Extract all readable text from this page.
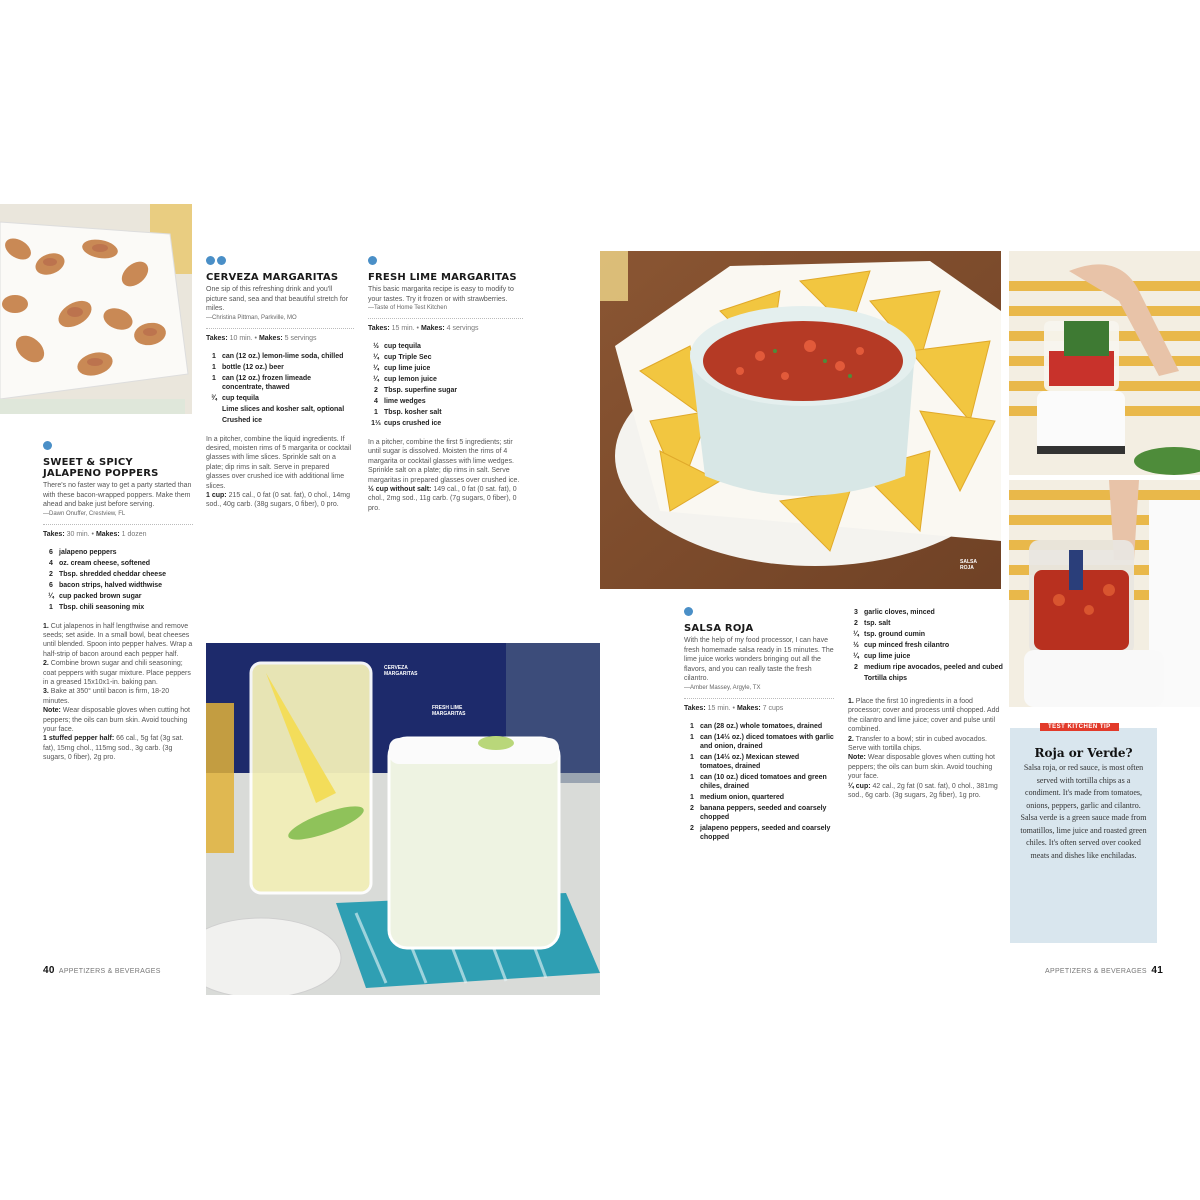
SWEET & SPICY JALAPENO POPPERS
There's no faster way to get a party started than with these bacon-wrapped poppers. Make them ahead and bake just before serving.
—Dawn Onuffer, Crestview, FL
Takes: 30 min. • Makes: 1 dozen
6 jalapeno peppers
4 oz. cream cheese, softened
2 Tbsp. shredded cheddar cheese
6 bacon strips, halved widthwise
¼ cup packed brown sugar
1 Tbsp. chili seasoning mix

1. Cut jalapenos in half lengthwise and remove seeds; set aside. In a small bowl, beat cheeses until blended. Spoon into pepper halves. Wrap a half-strip of bacon around each pepper half.

2. Combine brown sugar and chili seasoning; coat peppers with sugar mixture. Place peppers in a greased 15x10x1-in. baking pan.

3. Bake at 350° until bacon is firm, 18-20 minutes.

Note: Wear disposable gloves when cutting hot peppers; the oils can burn skin. Avoid touching your face.

1 stuffed pepper half: 66 cal., 5g fat (3g sat. fat), 15mg chol., 115mg sod., 3g carb. (3g sugars, 0 fiber), 2g pro.

CERVEZA MARGARITAS
One sip of this refreshing drink and you'll picture sand, sea and that beautiful stretch for miles.
—Christina Pittman, Parkville, MO
Takes: 10 min. • Makes: 5 servings
1 can (12 oz.) lemon-lime soda, chilled
1 bottle (12 oz.) beer
1 can (12 oz.) frozen limeade concentrate, thawed
¾ cup tequila
Lime slices and kosher salt, optional
Crushed ice

In a pitcher, combine the liquid ingredients. If desired, moisten rims of 5 margarita or cocktail glasses with lime slices. Sprinkle salt on a plate; dip rims in salt. Serve in prepared glasses over crushed ice with additional lime slices.

1 cup: 215 cal., 0 fat (0 sat. fat), 0 chol., 14mg sod., 40g carb. (38g sugars, 0 fiber), 0 pro.

FRESH LIME MARGARITAS
This basic margarita recipe is easy to modify to your tastes. Try it frozen or with strawberries.
—Taste of Home Test Kitchen
Takes: 15 min. • Makes: 4 servings
½ cup tequila
¼ cup Triple Sec
¼ cup lime juice
¼ cup lemon juice
2 Tbsp. superfine sugar
4 lime wedges
1 Tbsp. kosher salt
1⅓ cups crushed ice

In a pitcher, combine the first 5 ingredients; stir until sugar is dissolved. Moisten the rims of 4 margarita or cocktail glasses with lime wedges. Sprinkle salt on a plate; dip rims in salt. Serve margaritas in prepared glasses over crushed ice.

½ cup without salt: 149 cal., 0 fat (0 sat. fat), 0 chol., 2mg sod., 11g carb. (7g sugars, 0 fiber), 0 pro.

CERVEZA MARGARITAS
FRESH LIME MARGARITAS
40 APPETIZERS & BEVERAGES
SALSA ROJA
SALSA ROJA
With the help of my food processor, I can have fresh homemade salsa ready in 15 minutes. The lime juice works wonders bringing out all the flavors, and you can really taste the fresh cilantro.
—Amber Massey, Argyle, TX
Takes: 15 min. • Makes: 7 cups
1 can (28 oz.) whole tomatoes, drained
1 can (14½ oz.) diced tomatoes with garlic and onion, drained
1 can (14½ oz.) Mexican stewed tomatoes, drained
1 can (10 oz.) diced tomatoes and green chiles, drained
1 medium onion, quartered
2 banana peppers, seeded and coarsely chopped
2 jalapeno peppers, seeded and coarsely chopped
3 garlic cloves, minced
2 tsp. salt
¼ tsp. ground cumin
½ cup minced fresh cilantro
¼ cup lime juice
2 medium ripe avocados, peeled and cubed
Tortilla chips

1. Place the first 10 ingredients in a food processor; cover and process until chopped. Add the cilantro and lime juice; cover and pulse until combined.

2. Transfer to a bowl; stir in cubed avocados. Serve with tortilla chips.

Note: Wear disposable gloves when cutting hot peppers; the oils can burn skin. Avoid touching your face.

¼ cup: 42 cal., 2g fat (0 sat. fat), 0 chol., 381mg sod., 6g carb. (3g sugars, 2g fiber), 1g pro.

Roja or Verde?
Salsa roja, or red sauce, is most often served with tortilla chips as a condiment. It's made from tomatoes, onions, peppers, garlic and cilantro. Salsa verde is a green sauce made from tomatillos, lime juice and roasted green chiles. It's often served over cooked meats and dishes like enchiladas.
TEST KITCHEN TIP
APPETIZERS & BEVERAGES 41
